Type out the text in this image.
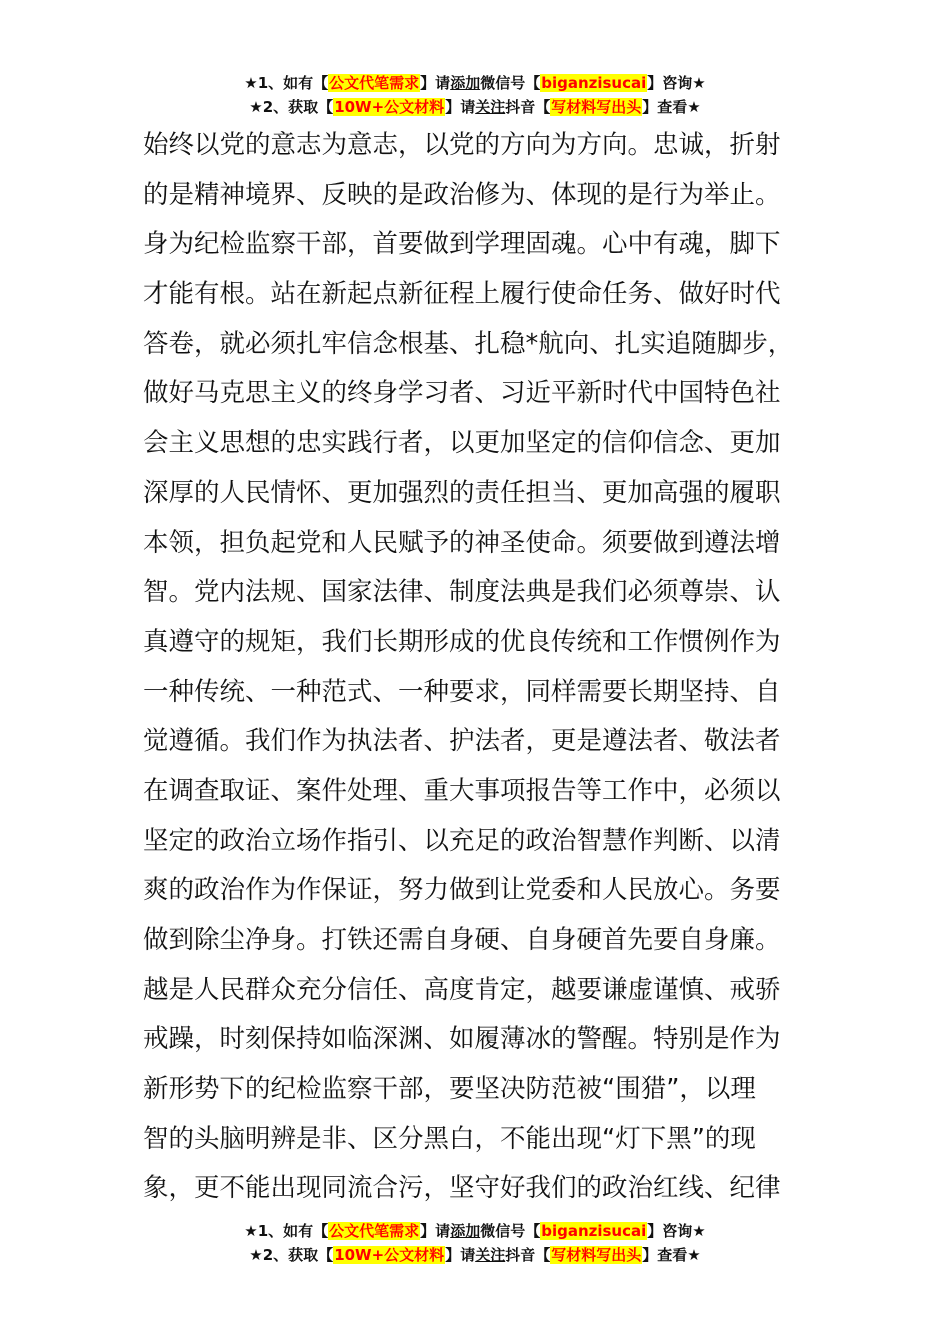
★1、如有【公文代笔需求】请添加微信号【biganzisucai】咨询★
★2、获取【10W+公文材料】请关注抖音【写材料写出头】查看★
始终以党的意志为意志，以党的方向为方向。忠诚，折射
的是精神境界、反映的是政治修为、体现的是行为举止。
身为纪检监察干部，首要做到学理固魂。心中有魂，脚下
才能有根。站在新起点新征程上履行使命任务、做好时代
答卷，就必须扎牢信念根基、扎稳*航向、扎实追随脚步，
做好马克思主义的终身学习者、习近平新时代中国特色社
会主义思想的忠实践行者，以更加坚定的信仰信念、更加
深厚的人民情怀、更加强烈的责任担当、更加高强的履职
本领，担负起党和人民赋予的神圣使命。须要做到遵法增
智。党内法规、国家法律、制度法典是我们必须尊崇、认
真遵守的规矩，我们长期形成的优良传统和工作惯例作为
一种传统、一种范式、一种要求，同样需要长期坚持、自
觉遵循。我们作为执法者、护法者，更是遵法者、敬法者
在调查取证、案件处理、重大事项报告等工作中，必须以
坚定的政治立场作指引、以充足的政治智慧作判断、以清
爽的政治作为作保证，努力做到让党委和人民放心。务要
做到除尘净身。打铁还需自身硬、自身硬首先要自身廉。
越是人民群众充分信任、高度肯定，越要谦虚谨慎、戒骄
戒躁，时刻保持如临深渊、如履薄冰的警醒。特别是作为
新形势下的纪检监察干部，要坚决防范被“围猎”，以理
智的头脑明辨是非、区分黑白，不能出现“灯下黑”的现
象，更不能出现同流合污，坚守好我们的政治红线、纪律
★1、如有【公文代笔需求】请添加微信号【biganzisucai】咨询★
★2、获取【10W+公文材料】请关注抖音【写材料写出头】查看★
